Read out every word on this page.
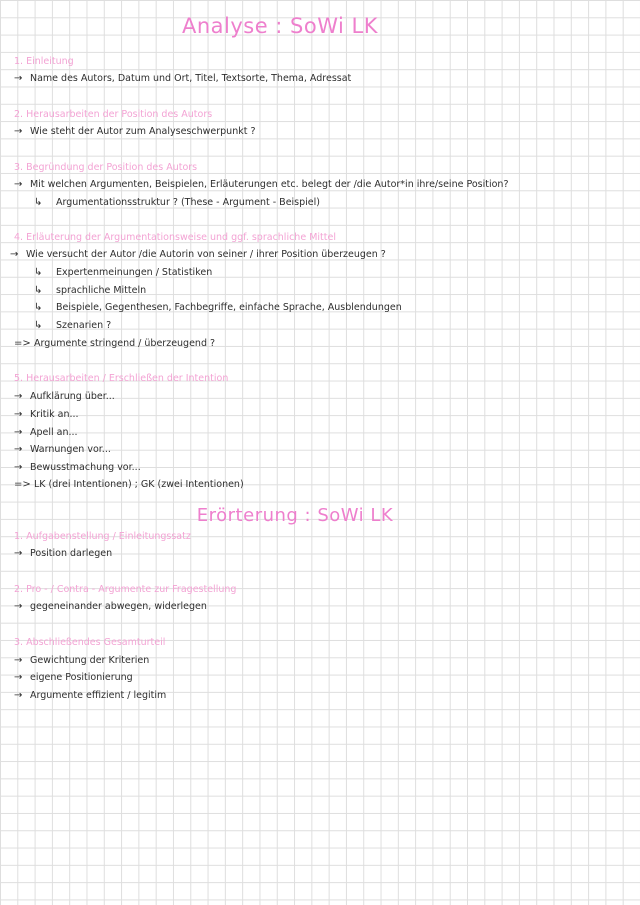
Analyse : SoWi LK
1. Einleitung
→ Name des Autors, Datum und Ort, Titel, Textsorte, Thema, Adressat
2. Herausarbeiten der Position des Autors
→ Wie steht der Autor zum Analyseschwerpunkt ?
3. Begründung der Position des Autors
→ Mit welchen Argumenten, Beispielen, Erläuterungen etc. belegt der /die Autor*in ihre/seine Position?
↳ Argumentationsstruktur ? (These - Argument - Beispiel)
4. Erläuterung der Argumentationsweise und ggf. sprachliche Mittel
→ Wie versucht der Autor /die Autorin von seiner / ihrer Position überzeugen ?
↳ Expertenmeinungen / Statistiken
↳ sprachliche Mitteln
↳ Beispiele, Gegenthesen, Fachbegriffe, einfache Sprache, Ausblendungen
↳ Szenarien ?
=> Argumente stringend / überzeugend ?
5. Herausarbeiten / Erschließen der Intention
→ Aufklärung über...
→ Kritik an...
→ Apell an...
→ Warnungen vor...
→ Bewusstmachung vor...
=> LK (drei Intentionen) ; GK (zwei Intentionen)
Erörterung : SoWi LK
1. Aufgabenstellung / Einleitungssatz
→ Position darlegen
2. Pro - / Contra - Argumente zur Fragestellung
→ gegeneinander abwegen, widerlegen
3. Abschließendes Gesamturteil
→ Gewichtung der Kriterien
→ eigene Positionierung
→ Argumente effizient / legitim
